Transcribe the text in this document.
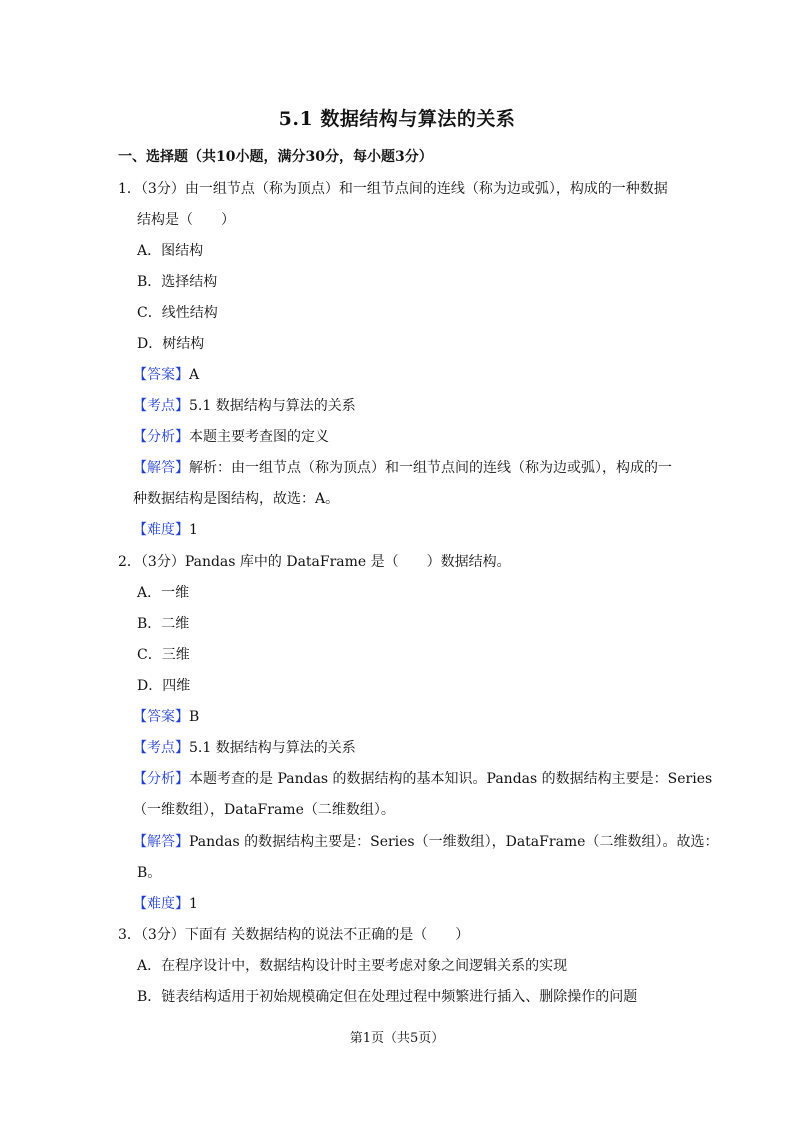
5.1 数据结构与算法的关系
一、选择题（共10小题，满分30分，每小题3分）
1．（3分）由一组节点（称为顶点）和一组节点间的连线（称为边或弧），构成的一种数据
结构是（　　）
A．图结构
B．选择结构
C．线性结构
D．树结构
【答案】A
【考点】5.1 数据结构与算法的关系
【分析】本题主要考查图的定义
【解答】解析：由一组节点（称为顶点）和一组节点间的连线（称为边或弧），构成的一
种数据结构是图结构，故选：A。
【难度】1
2．（3分）Pandas 库中的 DataFrame 是（　　）数据结构。
A．一维
B．二维
C．三维
D．四维
【答案】B
【考点】5.1 数据结构与算法的关系
【分析】本题考查的是 Pandas 的数据结构的基本知识。Pandas 的数据结构主要是：Series
（一维数组），DataFrame（二维数组）。
【解答】Pandas 的数据结构主要是：Series（一维数组），DataFrame（二维数组）。故选：
B。
【难度】1
3．（3分）下面有 关数据结构的说法不正确的是（　　）
A．在程序设计中，数据结构设计时主要考虑对象之间逻辑关系的实现
B．链表结构适用于初始规模确定但在处理过程中频繁进行插入、删除操作的问题
第1页（共5页）
